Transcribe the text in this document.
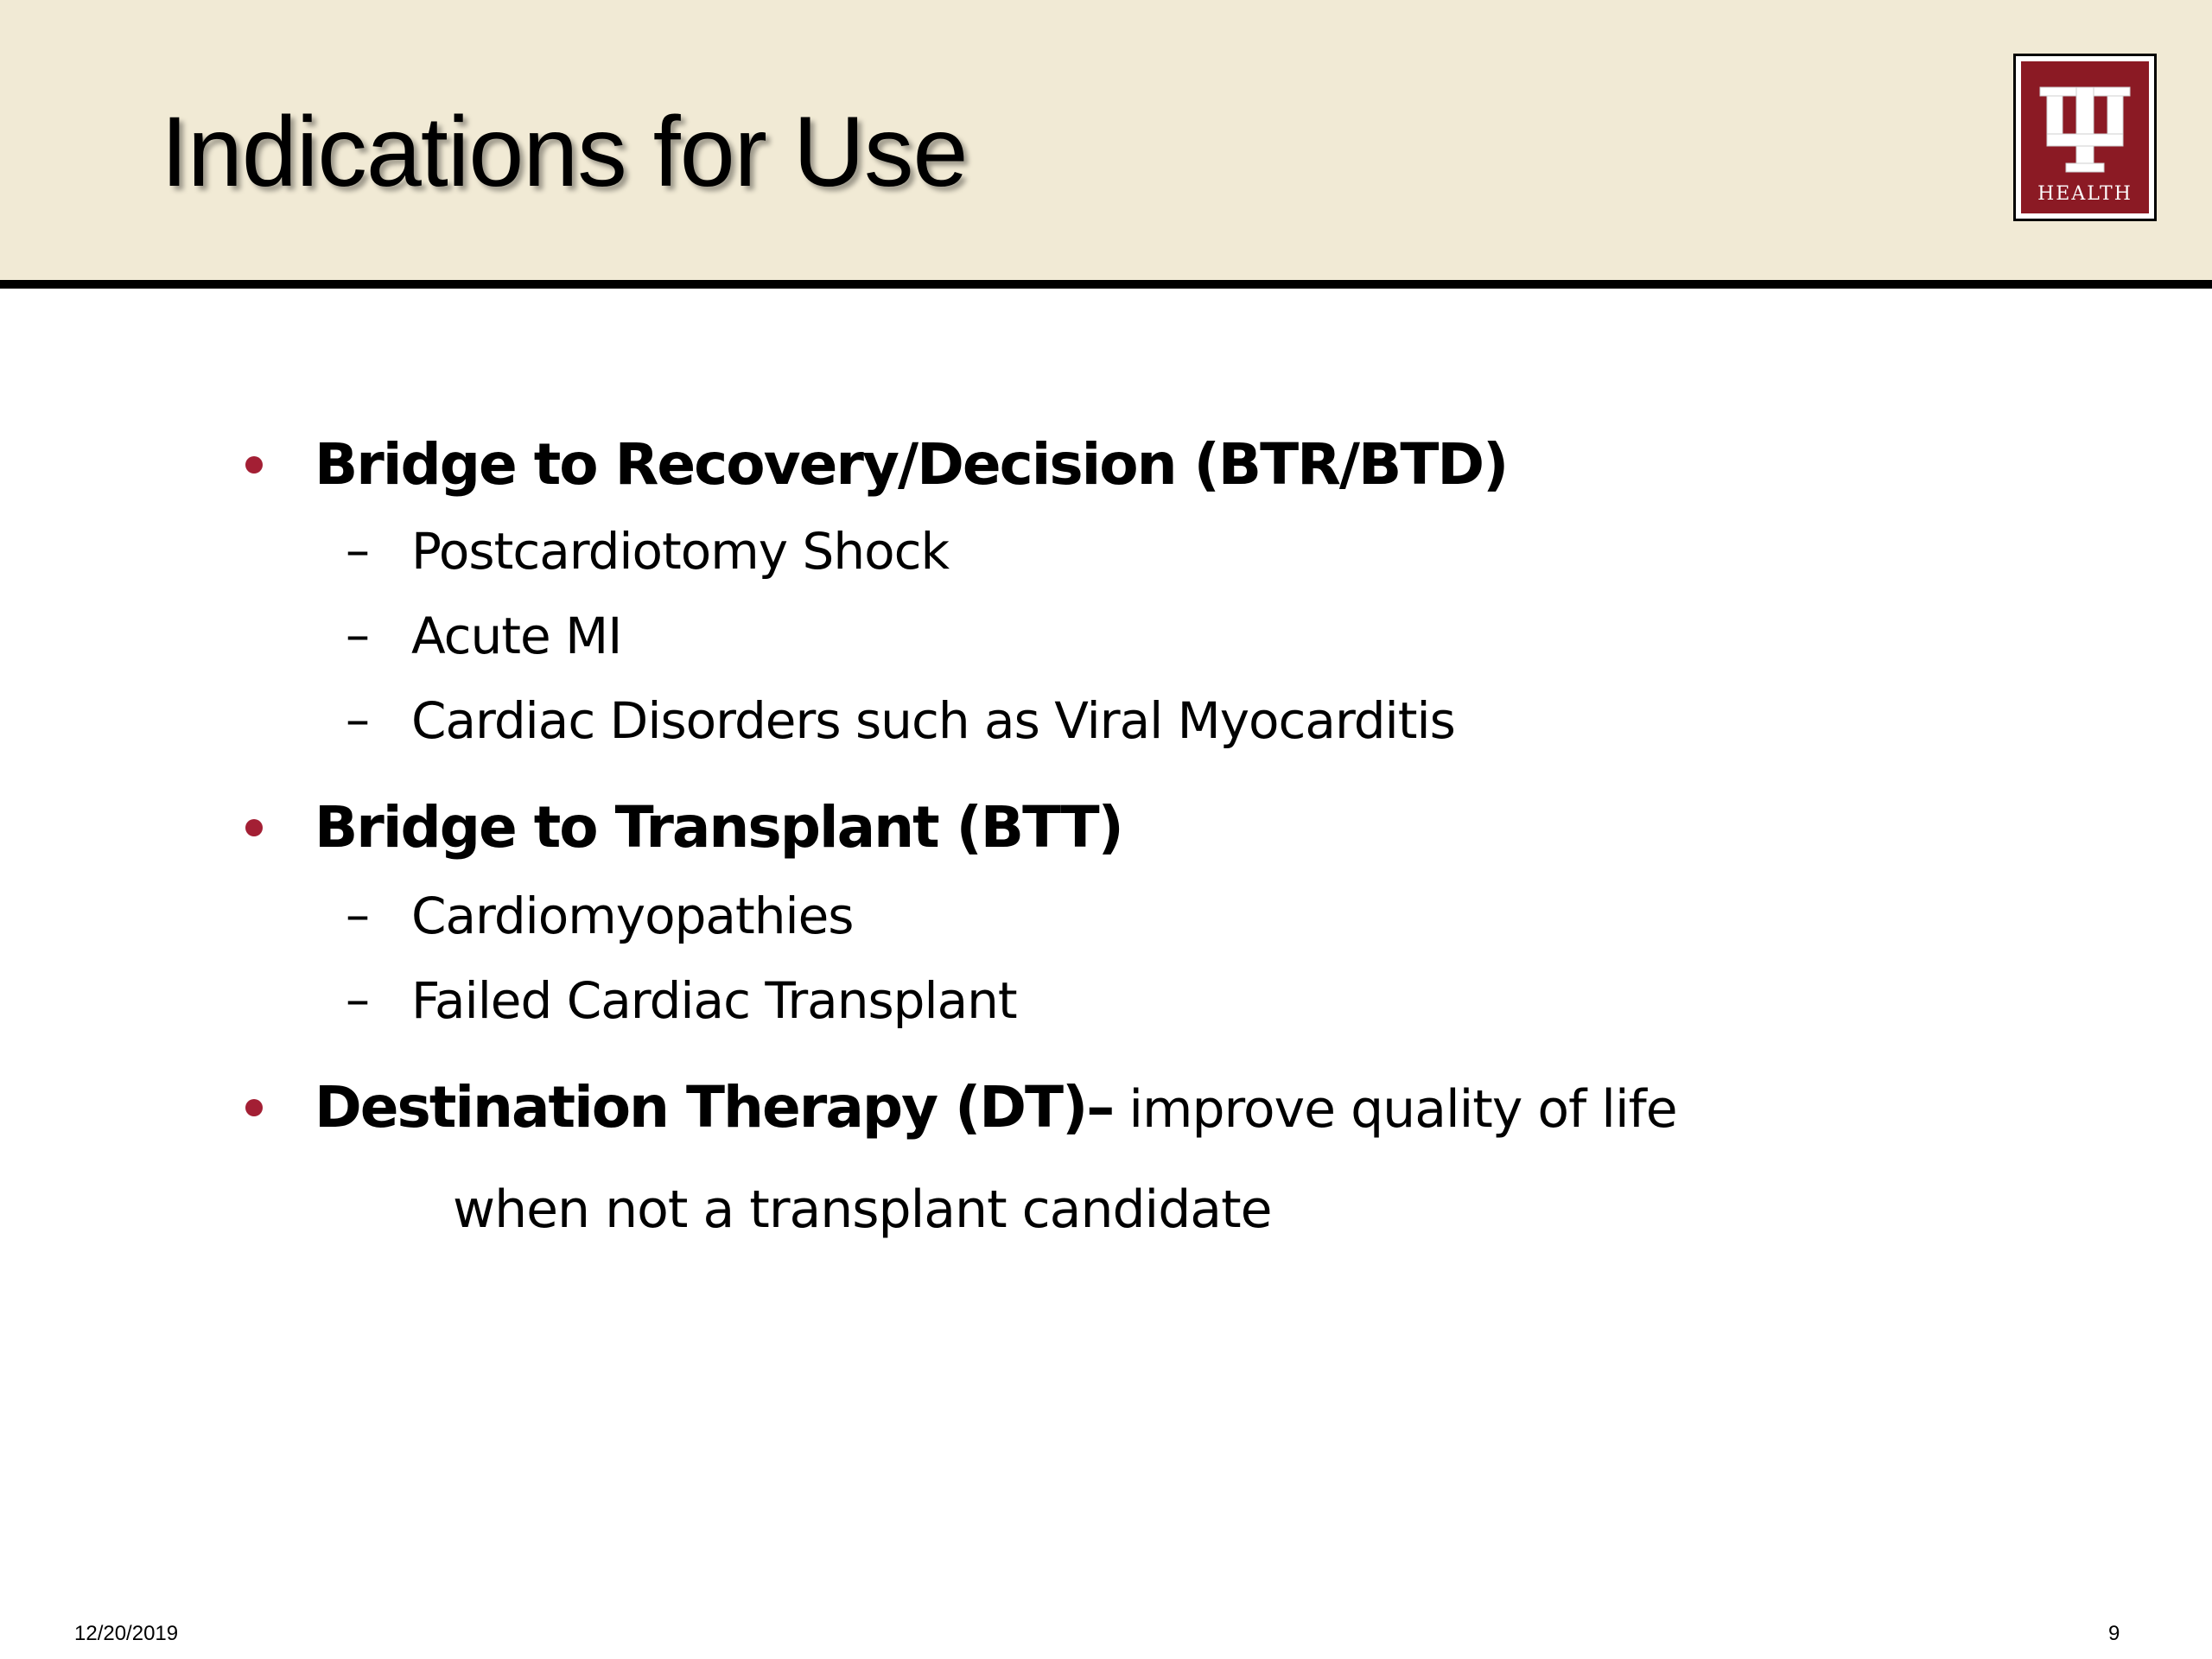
Indications for Use	HEALTH
Bridge to Recovery/Decision (BTR/BTD)
– Postcardiotomy Shock
– Acute MI
– Cardiac Disorders such as Viral Myocarditis
Bridge to Transplant (BTT)
– Cardiomyopathies
– Failed Cardiac Transplant
Destination Therapy (DT)– improve quality of life
when not a transplant candidate
12/20/2019	9
